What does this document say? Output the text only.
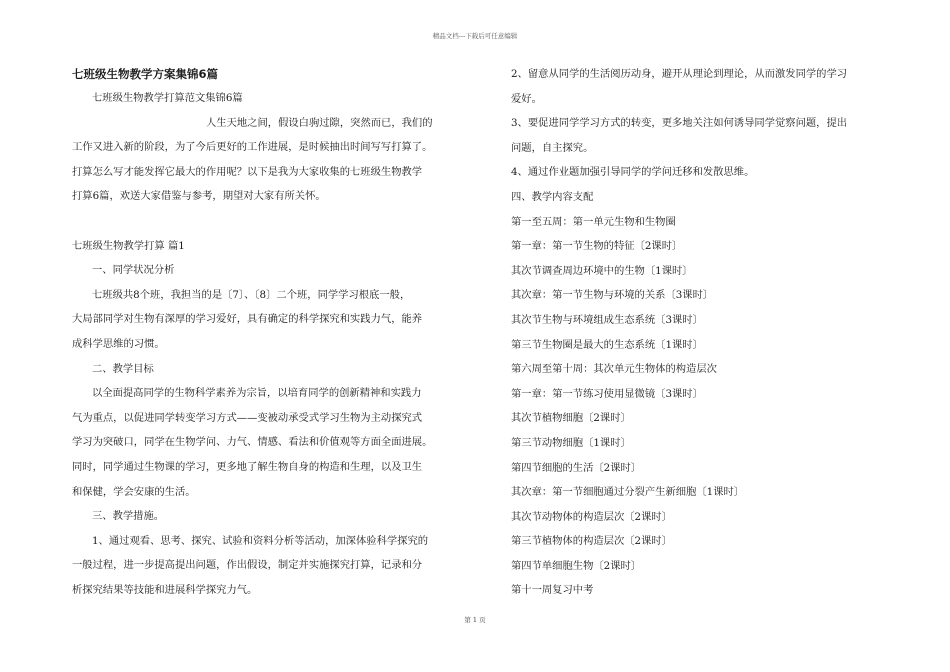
精品文档---下载后可任意编辑
七班级生物教学方案集锦6篇
七班级生物教学打算范文集锦6篇
人生天地之间，假设白驹过隙，突然而已，我们的
工作又进入新的阶段，为了今后更好的工作进展，是时候抽出时间写写打算了。
打算怎么写才能发挥它最大的作用呢？以下是我为大家收集的七班级生物教学
打算6篇，欢送大家借鉴与参考，期望对大家有所关怀。
七班级生物教学打算 篇1
一、同学状况分析
七班级共8个班，我担当的是〔7〕、〔8〕二个班，同学学习根底一般，
大局部同学对生物有深厚的学习爱好，具有确定的科学探究和实践力气，能养
成科学思维的习惯。
二、教学目标
以全面提高同学的生物科学素养为宗旨，以培育同学的创新精神和实践力
气为重点，以促进同学转变学习方式——变被动承受式学习生物为主动探究式
学习为突破口，同学在生物学问、力气、情感、看法和价值观等方面全面进展。
同时，同学通过生物课的学习，更多地了解生物自身的构造和生理，以及卫生
和保健，学会安康的生活。
三、教学措施。
1、通过观看、思考、探究、试验和资料分析等活动，加深体验科学探究的
一般过程，进一步提高提出问题，作出假设，制定并实施探究打算，记录和分
析探究结果等技能和进展科学探究力气。
2、留意从同学的生活阅历动身，避开从理论到理论，从而激发同学的学习
爱好。
3、要促进同学学习方式的转变，更多地关注如何诱导同学觉察问题，提出
问题，自主探究。
4、通过作业题加强引导同学的学问迁移和发散思维。
四、教学内容支配
第一至五周：第一单元生物和生物圈
第一章：第一节生物的特征〔2课时〕
其次节调查周边环境中的生物〔1课时〕
其次章：第一节生物与环境的关系〔3课时〕
其次节生物与环境组成生态系统〔3课时〕
第三节生物圈是最大的生态系统〔1课时〕
第六周至第十周：其次单元生物体的构造层次
第一章：第一节练习使用显微镜〔3课时〕
其次节植物细胞〔2课时〕
第三节动物细胞〔1课时〕
第四节细胞的生活〔2课时〕
其次章：第一节细胞通过分裂产生新细胞〔1课时〕
其次节动物体的构造层次〔2课时〕
第三节植物体的构造层次〔2课时〕
第四节单细胞生物〔2课时〕
第十一周复习中考
第 1 页
